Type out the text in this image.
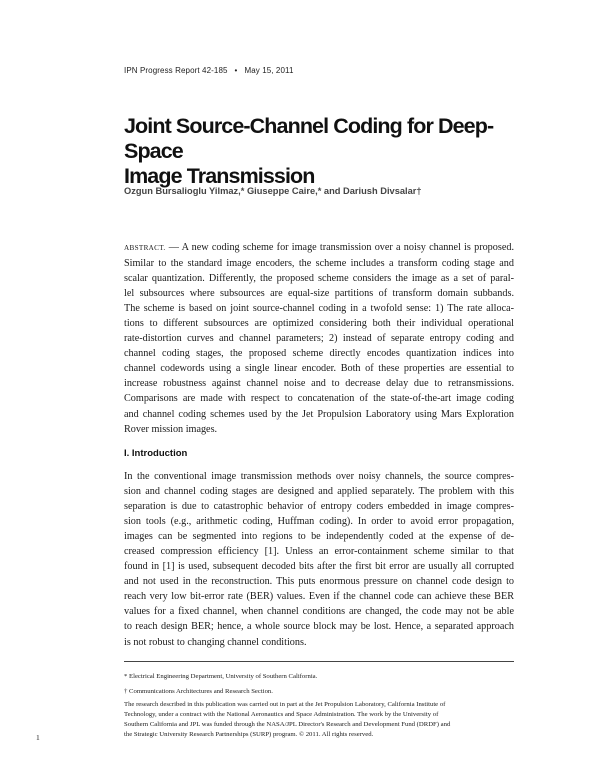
IPN Progress Report 42-185 • May 15, 2011
Joint Source-Channel Coding for Deep-Space
Image Transmission
Ozgun Bursalioglu Yilmaz,* Giuseppe Caire,* and Dariush Divsalar†
ABSTRACT. — A new coding scheme for image transmission over a noisy channel is proposed.
Similar to the standard image encoders, the scheme includes a transform coding stage and
scalar quantization. Differently, the proposed scheme considers the image as a set of paral-
lel subsources where subsources are equal-size partitions of transform domain subbands.
The scheme is based on joint source-channel coding in a twofold sense: 1) The rate alloca-
tions to different subsources are optimized considering both their individual operational
rate-distortion curves and channel parameters; 2) instead of separate entropy coding and
channel coding stages, the proposed scheme directly encodes quantization indices into
channel codewords using a single linear encoder. Both of these properties are essential to
increase robustness against channel noise and to decrease delay due to retransmissions.
Comparisons are made with respect to concatenation of the state-of-the-art image coding
and channel coding schemes used by the Jet Propulsion Laboratory using Mars Exploration
Rover mission images.
I. Introduction
In the conventional image transmission methods over noisy channels, the source compres-
sion and channel coding stages are designed and applied separately. The problem with this
separation is due to catastrophic behavior of entropy coders embedded in image compres-
sion tools (e.g., arithmetic coding, Huffman coding). In order to avoid error propagation,
images can be segmented into regions to be independently coded at the expense of de-
creased compression efficiency [1]. Unless an error-containment scheme similar to that
found in [1] is used, subsequent decoded bits after the first bit error are usually all corrupted
and not used in the reconstruction. This puts enormous pressure on channel code design to
reach very low bit-error rate (BER) values. Even if the channel code can achieve these BER
values for a fixed channel, when channel conditions are changed, the code may not be able
to reach design BER; hence, a whole source block may be lost. Hence, a separated approach
is not robust to changing channel conditions.
* Electrical Engineering Department, University of Southern California.
† Communications Architectures and Research Section.
The research described in this publication was carried out in part at the Jet Propulsion Laboratory, California Institute of
Technology, under a contract with the National Aeronautics and Space Administration. The work by the University of
Southern California and JPL was funded through the NASA/JPL Director's Research and Development Fund (DRDF) and
the Strategic University Research Partnerships (SURP) program. © 2011. All rights reserved.
1
